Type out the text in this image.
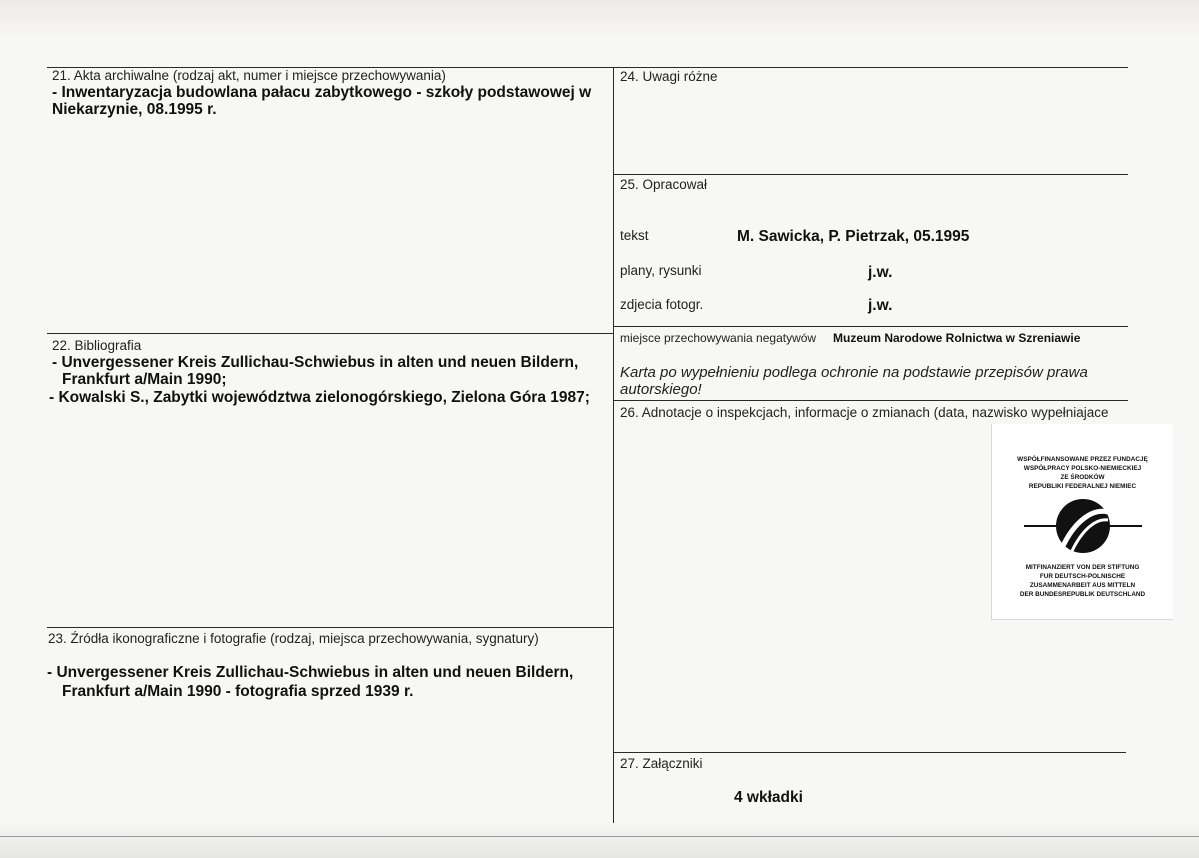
21. Akta archiwalne (rodzaj akt, numer i miejsce przechowywania)
- Inwentaryzacja budowlana pałacu zabytkowego - szkoły podstawowej w
Niekarzynie, 08.1995 r.
22. Bibliografia
- Unvergessener Kreis Zullichau-Schwiebus in alten und neuen Bildern,
Frankfurt a/Main 1990;
- Kowalski S., Zabytki województwa zielonogórskiego, Zielona Góra 1987;
23. Źródła ikonograficzne i fotografie (rodzaj, miejsca przechowywania, sygnatury)
- Unvergessener Kreis Zullichau-Schwiebus in alten und neuen Bildern,
Frankfurt a/Main 1990 - fotografia sprzed 1939 r.
24. Uwagi różne
25. Opracował
tekst	M. Sawicka, P. Pietrzak, 05.1995
plany, rysunki	j.w.
zdjecia fotogr.	j.w.
miejsce przechowywania negatywów Muzeum Narodowe Rolnictwa w Szreniawie
Karta po wypełnieniu podlega ochronie na podstawie przepisów prawa
autorskiego!
26. Adnotacje o inspekcjach, informacje o zmianach (data, nazwisko wypełniajace
WSPÓŁFINANSOWANE PRZEZ FUNDACJĘ
WSPÓŁPRACY POLSKO-NIEMIECKIEJ
ZE ŚRODKÓW
REPUBLIKI FEDERALNEJ NIEMIEC
MITFINANZIERT VON DER STIFTUNG
FUR DEUTSCH-POLNISCHE
ZUSAMMENARBEIT AUS MITTELN
DER BUNDESREPUBLIK DEUTSCHLAND
27. Załączniki
4 wkładki
